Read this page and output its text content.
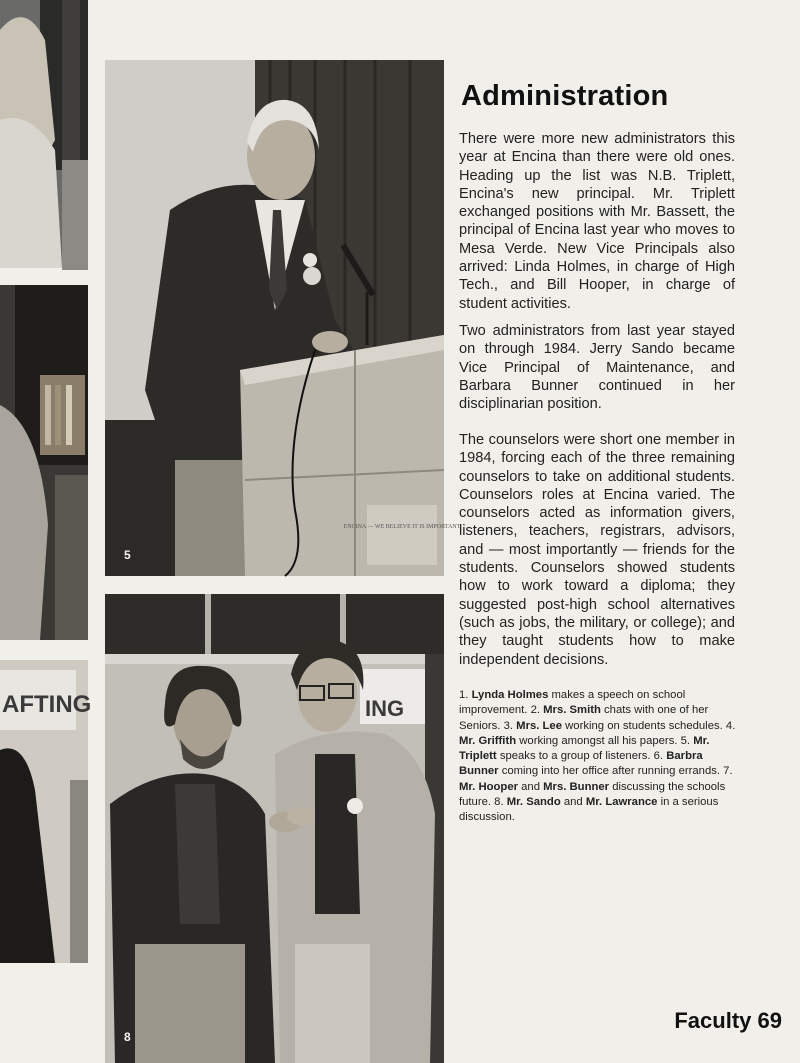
AFTING
ENCINA — WE BELIEVE IT IS IMPORTANT
5
ING
8
Administration

There were more new administrators this year at Encina than there were old ones. Heading up the list was N.B. Triplett, Encina's new principal. Mr. Triplett exchanged positions with Mr. Bassett, the principal of Encina last year who moves to Mesa Verde. New Vice Principals also arrived: Linda Holmes, in charge of High Tech., and Bill Hooper, in charge of student activities.

Two administrators from last year stayed on through 1984. Jerry Sando became Vice Principal of Maintenance, and Barbara Bunner continued in her disciplinarian position.

The counselors were short one member in 1984, forcing each of the three remaining counselors to take on additional students. Counselors roles at Encina varied. The counselors acted as information givers, listeners, teachers, registrars, advisors, and — most importantly — friends for the students. Counselors showed students how to work toward a diploma; they suggested post-high school alternatives (such as jobs, the military, or college); and they taught students how to make independent decisions.

1. Lynda Holmes makes a speech on school improvement. 2. Mrs. Smith chats with one of her Seniors. 3. Mrs. Lee working on students schedules. 4. Mr. Griffith working amongst all his papers. 5. Mr. Triplett speaks to a group of listeners. 6. Barbra Bunner coming into her office after running errands. 7. Mr. Hooper and Mrs. Bunner discussing the schools future. 8. Mr. Sando and Mr. Lawrance in a serious discussion.

Faculty 69
